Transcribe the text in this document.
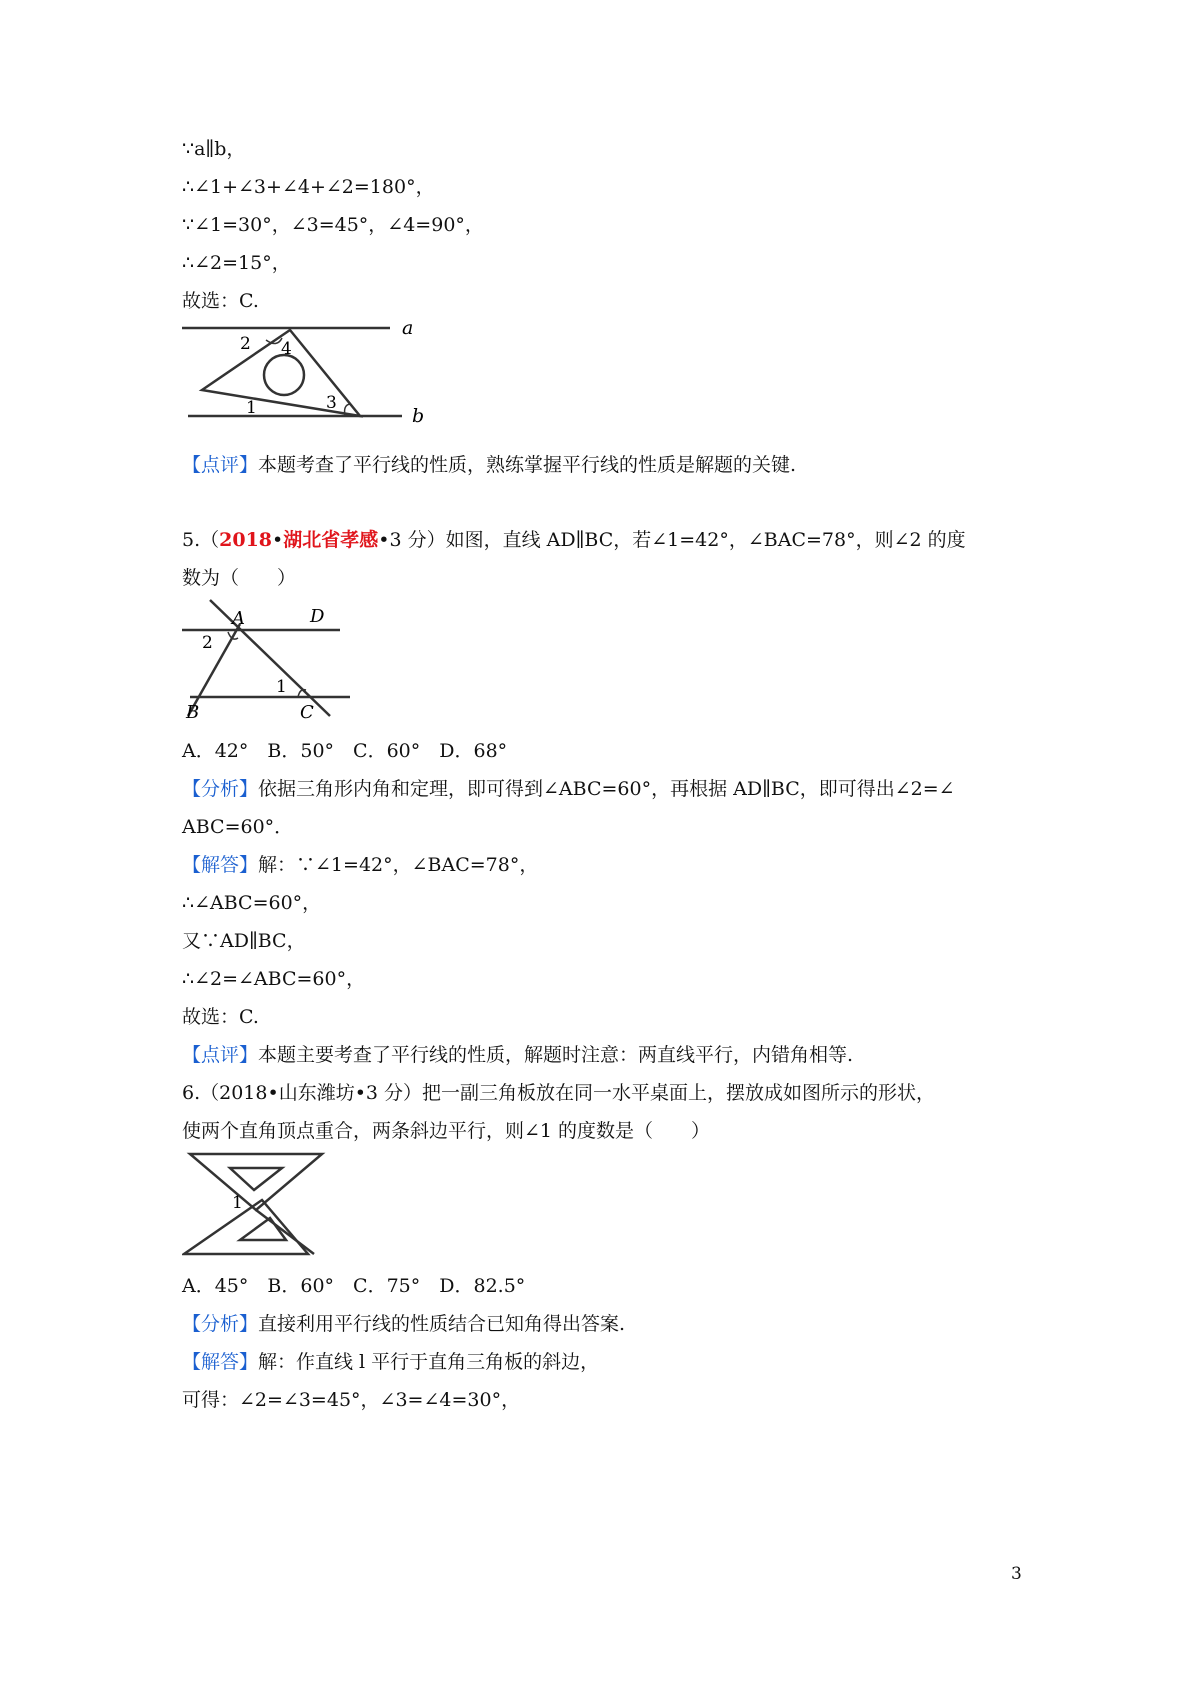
∵a∥b，
∴∠1+∠3+∠4+∠2=180°，
∵∠1=30°，∠3=45°，∠4=90°，
∴∠2=15°，
故选：C.
2 4
1	3
a
b
【点评】本题考查了平行线的性质，熟练掌握平行线的性质是解题的关键.
5.（2018•湖北省孝感•3 分）如图，直线 AD∥BC，若∠1=42°，∠BAC=78°，则∠2 的度
数为（　　）
A	D
2
1
B	C
A．42°　B．50°　C．60°　D．68°
【分析】依据三角形内角和定理，即可得到∠ABC=60°，再根据 AD∥BC，即可得出∠2=∠
ABC=60°．
【解答】解：∵∠1=42°，∠BAC=78°，
∴∠ABC=60°，
又∵AD∥BC，
∴∠2=∠ABC=60°，
故选：C.
【点评】本题主要考查了平行线的性质，解题时注意：两直线平行，内错角相等.
6.（2018•山东潍坊•3 分）把一副三角板放在同一水平桌面上，摆放成如图所示的形状，
使两个直角顶点重合，两条斜边平行，则∠1 的度数是（　　）
1
A．45°　B．60°　C．75°　D．82.5°
【分析】直接利用平行线的性质结合已知角得出答案.
【解答】解：作直线 l 平行于直角三角板的斜边，
可得：∠2=∠3=45°，∠3=∠4=30°，
3
